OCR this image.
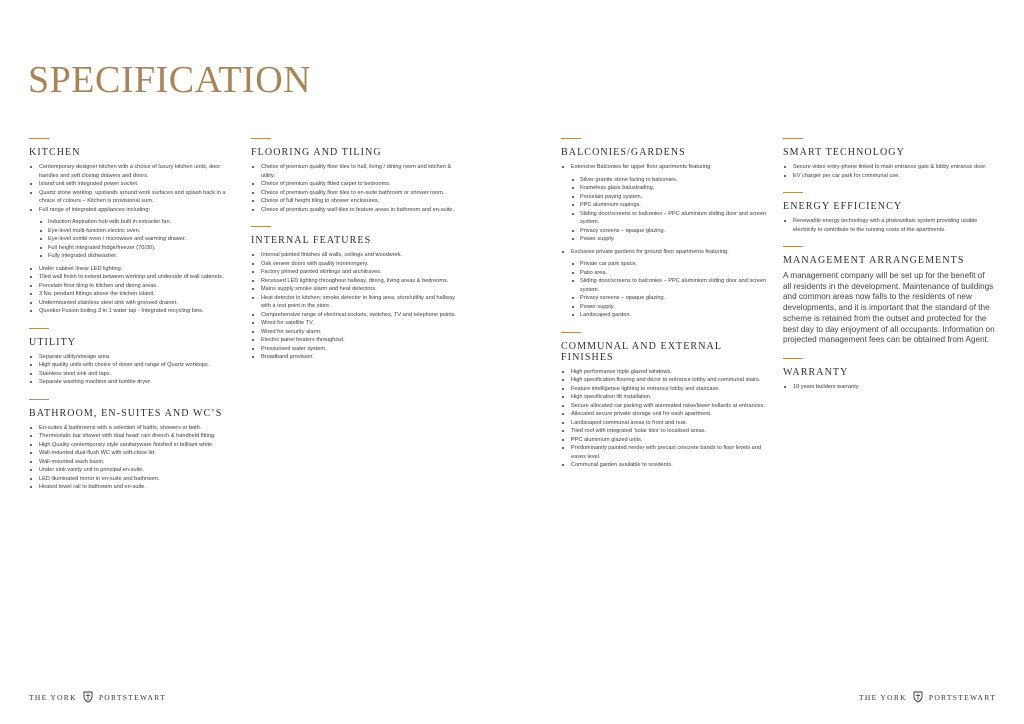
SPECIFICATION
KITCHEN
Contemporary designer kitchen with a choice of luxury kitchen units, door handles and soft closing drawers and doors.
Island unit with integrated power socket.
Quartz stone worktop, upstands around work surfaces and splash back in a choice of colours – Kitchen is provisional sum.
Full range of integrated appliances including:
Induction Aspiration hob with built in extractor fan.
Eye-level multi-function electric oven.
Eye-level combi oven / microwave and warming drawer.
Full height integrated fridge/freezer (70/30).
Fully integrated dishwasher.
Under cabinet linear LED lighting.
Tiled wall finish to extend between worktop and underside of wall cabinets.
Porcelain floor tiling to kitchen and dining areas.
3 No. pendant fittings above the kitchen island.
Undermounted stainless steel sink with grooved drainer.
Quooker Fusion boiling 3 in 1 water tap - Integrated recycling bins.
UTILITY
Separate utility/storage area.
High quality units with choice of doors and range of Quartz worktops.
Stainless steel sink and taps.
Separate washing machine and tumble dryer.
BATHROOM, EN-SUITES AND WC’S
En-suites & bathrooms with a selection of baths, showers or both.
Thermostatic bar shower with dual head: rain drench & handheld fitting.
High Quality contemporary style sanitaryware finished in brilliant white.
Wall-mounted dual-flush WC with soft-close lid.
Wall-mounted wash basin.
Under sink vanity unit to principal en-suite.
LED illuminated mirror in en-suite and bathroom.
Heated towel rail to bathroom and en-suite.
FLOORING AND TILING
Choice of premium quality floor tiles to hall, living / dining room and kitchen & utility.
Choice of premium quality fitted carpet to bedrooms.
Choice of premium quality floor tiles to en-suite bathroom or shower room.
Choice of full height tiling to shower enclosures.
Choice of premium quality wall tiles to feature areas in bathroom and en-suite.
INTERNAL FEATURES
Internal painted finishes all walls, ceilings and woodwork.
Oak veneer doors with quality ironmongery.
Factory primed painted skirtings and architraves.
Recessed LED lighting throughout hallway, dining, living areas & bedrooms.
Mains supply smoke alarm and heat detectors.
Heat detector in kitchen; smoke detector in living area, store/utility and hallway with a test point in the store.
Comprehensive range of electrical sockets, switches, TV and telephone points.
Wired for satellite TV.
Wired for security alarm.
Electric panel heaters throughout.
Pressurised water system.
Broadband provision.
BALCONIES/GARDENS
Extensive Balconies for upper floor apartments featuring:
Silver granite stone facing to balconies.
Frameless glass balustrading.
Porcelain paving system.
PPC aluminium copings.
Sliding door/screens to balconies – PPC aluminium sliding door and screen system.
Privacy screens – opaque glazing.
Power supply.
Exclusive private gardens for ground floor apartments featuring:
Private car park space.
Patio area.
Sliding door/screens to balconies – PPC aluminium sliding door and screen system.
Privacy screens – opaque glazing.
Power supply.
Landscaped garden.
COMMUNAL AND EXTERNAL FINISHES
High performance triple glazed windows.
High specification flooring and décor to entrance lobby and communal stairs.
Feature intelligence lighting to entrance lobby and staircase.
High specification lift installation.
Secure allocated car parking with automated raise/lower bollards at entrances.
Allocated secure private storage unit for each apartment.
Landscaped communal areas to front and rear.
Tiled roof with integrated ‘solar tiles’ to localised areas.
PPC aluminium glazed units.
Predominantly painted render with precast concrete bands to floor levels and eaves level.
Communal garden available to residents.
SMART TECHNOLOGY
Secure video entry-phone linked to main entrance gate & lobby entrance door.
EV charger per car park for communal use.
ENERGY EFFICIENCY
Renewable energy technology with a photovoltaic system providing usable electricity to contribute to the running costs of the apartments.
MANAGEMENT ARRANGEMENTS

A management company will be set up for the benefit of all residents in the development. Maintenance of buildings and common areas now falls to the residents of new developments, and it is important that the standard of the scheme is retained from the outset and protected for the best day to day enjoyment of all occupants. Information on projected management fees can be obtained from Agent.

WARRANTY
10 years builders warranty.
THE YORK	PORTSTEWART	THE YORK	PORTSTEWART
